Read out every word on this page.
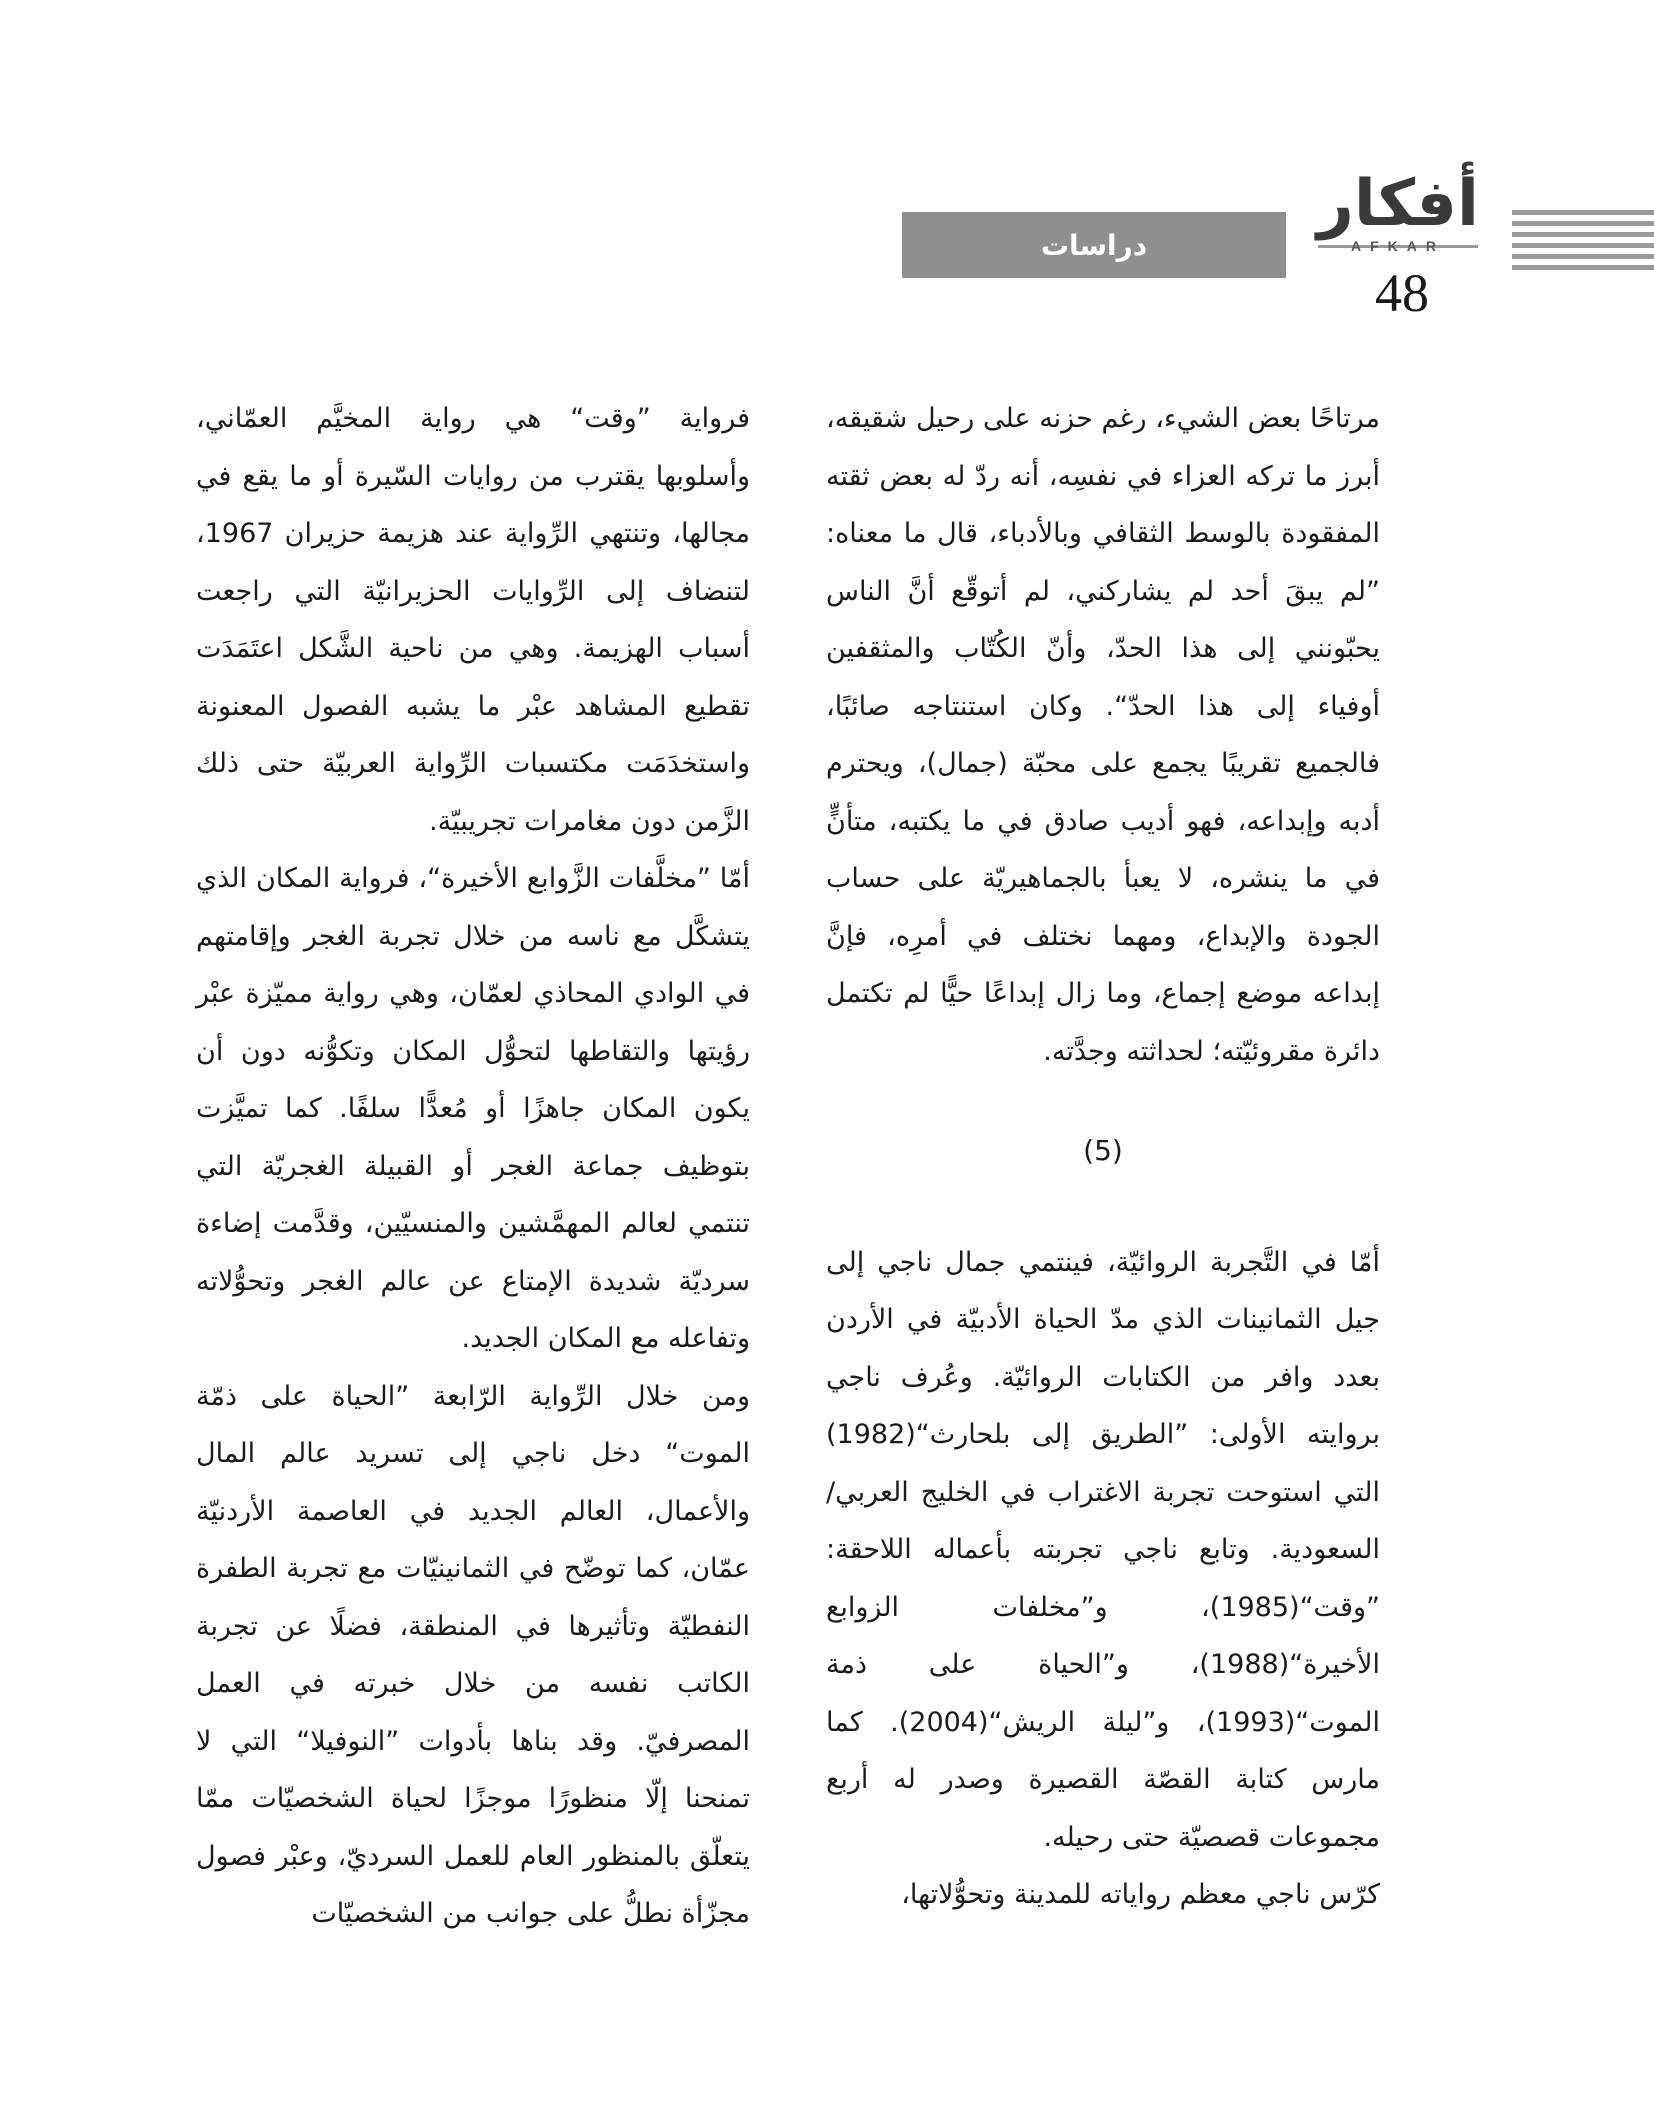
دراسات
أفكار
AFKAR
48

مرتاحًا بعض الشيء، رغم حزنه على رحيل شقيقه، أبرز ما تركه العزاء في نفسِه، أنه ردّ له بعض ثقته المفقودة بالوسط الثقافي وبالأدباء، قال ما معناه: ”لم يبقَ أحد لم يشاركني، لم أتوقّع أنَّ الناس يحبّونني إلى هذا الحدّ، وأنّ الكُتّاب والمثقفين أوفياء إلى هذا الحدّ“. وكان استنتاجه صائبًا، فالجميع تقريبًا يجمع على محبّة (جمال)، ويحترم أدبه وإبداعه، فهو أديب صادق في ما يكتبه، متأنٍّ في ما ينشره، لا يعبأ بالجماهيريّة على حساب الجودة والإبداع، ومهما نختلف في أمرِه، فإنَّ إبداعه موضع إجماع، وما زال إبداعًا حيًّا لم تكتمل دائرة مقروئيّته؛ لحداثته وجدَّته.

(5)

أمّا في التَّجربة الروائيّة، فينتمي جمال ناجي إلى جيل الثمانينات الذي مدّ الحياة الأدبيّة في الأردن بعدد وافر من الكتابات الروائيّة. وعُرف ناجي بروايته الأولى: ”الطريق إلى بلحارث“(1982) التي استوحت تجربة الاغتراب في الخليج العربي/ السعودية. وتابع ناجي تجربته بأعماله اللاحقة: ”وقت“(1985)، و”مخلفات الزوابع الأخيرة“(1988)، و”الحياة على ذمة الموت“(1993)، و”ليلة الريش“(2004). كما مارس كتابة القصّة القصيرة وصدر له أربع مجموعات قصصيّة حتى رحيله.

كرّس ناجي معظم رواياته للمدينة وتحوُّلاتها،

فرواية ”وقت“ هي رواية المخيَّم العمّاني، وأسلوبها يقترب من روايات السّيرة أو ما يقع في مجالها، وتنتهي الرِّواية عند هزيمة حزيران 1967، لتنضاف إلى الرِّوايات الحزيرانيّة التي راجعت أسباب الهزيمة. وهي من ناحية الشَّكل اعتَمَدَت تقطيع المشاهد عبْر ما يشبه الفصول المعنونة واستخدَمَت مكتسبات الرِّواية العربيّة حتى ذلك الزَّمن دون مغامرات تجريبيّة.

أمّا ”مخلَّفات الزَّوابع الأخيرة“، فرواية المكان الذي يتشكَّل مع ناسه من خلال تجربة الغجر وإقامتهم في الوادي المحاذي لعمّان، وهي رواية مميّزة عبْر رؤيتها والتقاطها لتحوُّل المكان وتكوُّنه دون أن يكون المكان جاهزًا أو مُعدًّا سلفًا. كما تميَّزت بتوظيف جماعة الغجر أو القبيلة الغجريّة التي تنتمي لعالم المهمَّشين والمنسيّين، وقدَّمت إضاءة سرديّة شديدة الإمتاع عن عالم الغجر وتحوُّلاته وتفاعله مع المكان الجديد.

ومن خلال الرِّواية الرّابعة ”الحياة على ذمّة الموت“ دخل ناجي إلى تسريد عالم المال والأعمال، العالم الجديد في العاصمة الأردنيّة عمّان، كما توضّح في الثمانينيّات مع تجربة الطفرة النفطيّة وتأثيرها في المنطقة، فضلًا عن تجربة الكاتب نفسه من خلال خبرته في العمل المصرفيّ. وقد بناها بأدوات ”النوفيلا“ التي لا تمنحنا إلّا منظورًا موجزًا لحياة الشخصيّات ممّا يتعلّق بالمنظور العام للعمل السرديّ، وعبْر فصول مجزّأة نطلُّ على جوانب من الشخصيّات
